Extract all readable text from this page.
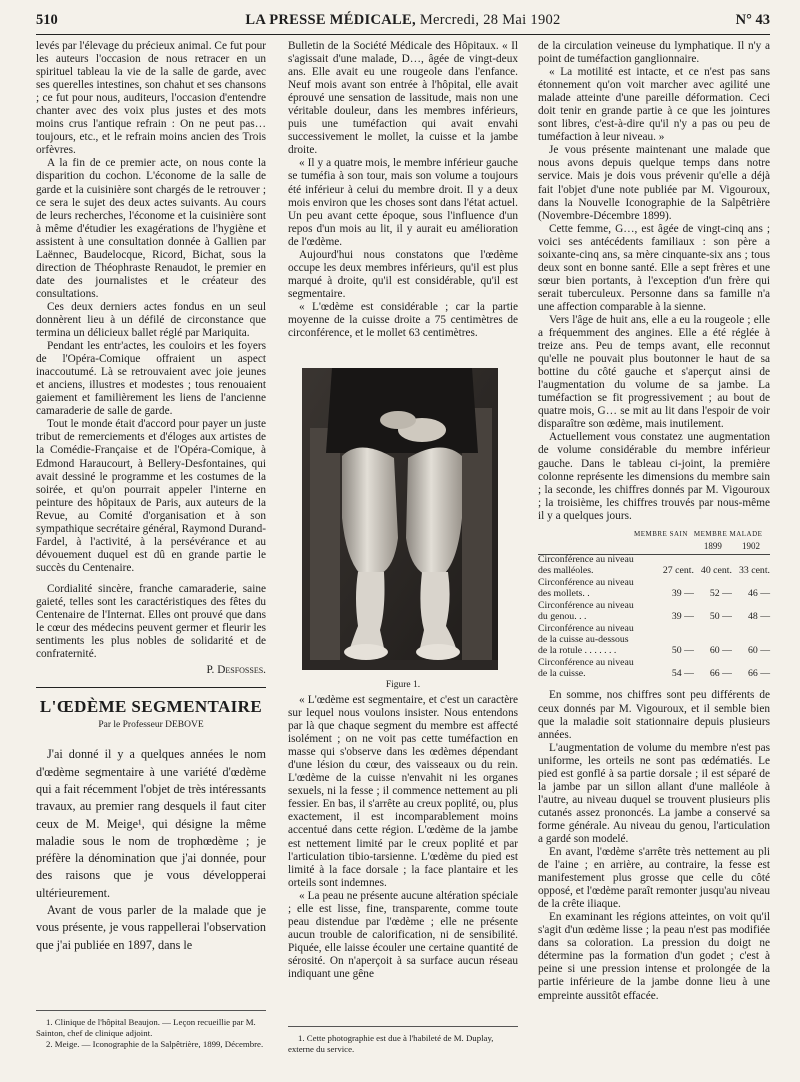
510	LA PRESSE MÉDICALE, Mercredi, 28 Mai 1902	N° 43

levés par l'élevage du précieux animal. Ce fut pour les auteurs l'occasion de nous retracer en un spirituel tableau la vie de la salle de garde, avec ses querelles intestines, son chahut et ses chansons ; ce fut pour nous, auditeurs, l'occasion d'entendre chanter avec des voix plus justes et des mots moins crus l'antique refrain : On ne peut pas… toujours, etc., et le refrain moins ancien des Trois orfèvres.

A la fin de ce premier acte, on nous conte la disparition du cochon. L'économe de la salle de garde et la cuisinière sont chargés de le retrouver ; ce sera le sujet des deux actes suivants. Au cours de leurs recherches, l'économe et la cuisinière sont à même d'étudier les exagérations de l'hygiène et assistent à une consultation donnée à Gallien par Laënnec, Baudelocque, Ricord, Bichat, sous la direction de Théophraste Renaudot, le premier en date des journalistes et le créateur des consultations.

Ces deux derniers actes fondus en un seul donnèrent lieu à un défilé de circonstance que termina un délicieux ballet réglé par Mariquita.

Pendant les entr'actes, les couloirs et les foyers de l'Opéra-Comique offraient un aspect inaccoutumé. Là se retrouvaient avec joie jeunes et anciens, illustres et modestes ; tous renouaient gaiement et familièrement les liens de l'ancienne camaraderie de salle de garde.

Tout le monde était d'accord pour payer un juste tribut de remerciements et d'éloges aux artistes de la Comédie-Française et de l'Opéra-Comique, à Edmond Haraucourt, à Bellery-Desfontaines, qui avait dessiné le programme et les costumes de la soirée, et qu'on pourrait appeler l'interne en peinture des hôpitaux de Paris, aux auteurs de la Revue, au Comité d'organisation et à son sympathique secrétaire général, Raymond Durand-Fardel, à l'activité, à la persévérance et au dévouement duquel est dû en grande partie le succès du Centenaire.

Cordialité sincère, franche camaraderie, saine gaieté, telles sont les caractéristiques des fêtes du Centenaire de l'Internat. Elles ont prouvé que dans le cœur des médecins peuvent germer et fleurir les sentiments les plus nobles de solidarité et de confraternité.

P. Desfosses.

L'ŒDÈME SEGMENTAIRE

Par le Professeur DEBOVE

J'ai donné il y a quelques années le nom d'œdème segmentaire à une variété d'œdème qui a fait récemment l'objet de très intéressants travaux, au premier rang desquels il faut citer ceux de M. Meige¹, qui désigne la même maladie sous le nom de trophœdème ; je préfère la dénomination que j'ai donnée, pour des raisons que je vous développerai ultérieurement.

Avant de vous parler de la malade que je vous présente, je vous rappellerai l'observation que j'ai publiée en 1897, dans le

1. Clinique de l'hôpital Beaujon. — Leçon recueillie par M. Sainton, chef de clinique adjoint.

2. Meige. — Iconographie de la Salpêtrière, 1899, Décembre.

Bulletin de la Société Médicale des Hôpitaux. « Il s'agissait d'une malade, D…, âgée de vingt-deux ans. Elle avait eu une rougeole dans l'enfance. Neuf mois avant son entrée à l'hôpital, elle avait éprouvé une sensation de lassitude, mais non une véritable douleur, dans les membres inférieurs, puis une tuméfaction qui avait envahi successivement le mollet, la cuisse et la jambe droite.

« Il y a quatre mois, le membre inférieur gauche se tuméfia à son tour, mais son volume a toujours été inférieur à celui du membre droit. Il y a deux mois environ que les choses sont dans l'état actuel. Un peu avant cette époque, sous l'influence d'un repos d'un mois au lit, il y aurait eu amélioration de l'œdème.

Aujourd'hui nous constatons que l'œdème occupe les deux membres inférieurs, qu'il est plus marqué à droite, qu'il est considérable, qu'il est segmentaire.

« L'œdème est considérable ; car la partie moyenne de la cuisse droite a 75 centimètres de circonférence, et le mollet 63 centimètres.

Figure 1.

« L'œdème est segmentaire, et c'est un caractère sur lequel nous voulons insister. Nous entendons par là que chaque segment du membre est affecté isolément ; on ne voit pas cette tuméfaction en masse qui s'observe dans les œdèmes dépendant d'une lésion du cœur, des vaisseaux ou du rein. L'œdème de la cuisse n'envahit ni les organes sexuels, ni la fesse ; il commence nettement au pli fessier. En bas, il s'arrête au creux poplité, ou, plus exactement, il est incomparablement moins accentué dans cette région. L'œdème de la jambe est nettement limité par le creux poplité et par l'articulation tibio-tarsienne. L'œdème du pied est limité à la face dorsale ; la face plantaire et les orteils sont indemnes.

« La peau ne présente aucune altération spéciale ; elle est lisse, fine, transparente, comme toute peau distendue par l'œdème ; elle ne présente aucun trouble de calorification, ni de sensibilité. Piquée, elle laisse écouler une certaine quantité de sérosité. On n'aperçoit à sa surface aucun réseau indiquant une gêne

1. Cette photographie est due à l'habileté de M. Duplay, externe du service.

de la circulation veineuse du lymphatique. Il n'y a point de tuméfaction ganglionnaire.

« La motilité est intacte, et ce n'est pas sans étonnement qu'on voit marcher avec agilité une malade atteinte d'une pareille déformation. Ceci doit tenir en grande partie à ce que les jointures sont libres, c'est-à-dire qu'il n'y a pas ou peu de tuméfaction à leur niveau. »

Je vous présente maintenant une malade que nous avons depuis quelque temps dans notre service. Mais je dois vous prévenir qu'elle a déjà fait l'objet d'une note publiée par M. Vigouroux, dans la Nouvelle Iconographie de la Salpêtrière (Novembre-Décembre 1899).

Cette femme, G…, est âgée de vingt-cinq ans ; voici ses antécédents familiaux : son père a soixante-cinq ans, sa mère cinquante-six ans ; tous deux sont en bonne santé. Elle a sept frères et une sœur bien portants, à l'exception d'un frère qui serait tuberculeux. Personne dans sa famille n'a une affection comparable à la sienne.

Vers l'âge de huit ans, elle a eu la rougeole ; elle a fréquemment des angines. Elle a été réglée à treize ans. Peu de temps avant, elle reconnut qu'elle ne pouvait plus boutonner le haut de sa bottine du côté gauche et s'aperçut ainsi de l'augmentation du volume de sa jambe. La tuméfaction se fit progressivement ; au bout de quatre mois, G… se mit au lit dans l'espoir de voir disparaître son œdème, mais inutilement.

Actuellement vous constatez une augmentation de volume considérable du membre inférieur gauche. Dans le tableau ci-joint, la première colonne représente les dimensions du membre sain ; la seconde, les chiffres donnés par M. Vigouroux ; la troisième, les chiffres trouvés par nous-même il y a quelques jours.

	MEMBRE SAIN	MEMBRE MALADE	
		1899	1902
Circonférence au niveau des malléoles.	27 cent.	40 cent.	33 cent.
Circonférence au niveau des mollets. .	39 —	52 —	46 —
Circonférence au niveau du genou. . .	39 —	50 —	48 —
Circonférence au niveau de la cuisse au-dessous de la rotule . . . . . . .	50 —	60 —	60 —
Circonférence au niveau de la cuisse.	54 —	66 —	66 —

En somme, nos chiffres sont peu différents de ceux donnés par M. Vigouroux, et il semble bien que la maladie soit stationnaire depuis plusieurs années.

L'augmentation de volume du membre n'est pas uniforme, les orteils ne sont pas œdématiés. Le pied est gonflé à sa partie dorsale ; il est séparé de la jambe par un sillon allant d'une malléole à l'autre, au niveau duquel se trouvent plusieurs plis cutanés assez prononcés. La jambe a conservé sa forme générale. Au niveau du genou, l'articulation a gardé son modelé.

En avant, l'œdème s'arrête très nettement au pli de l'aine ; en arrière, au contraire, la fesse est manifestement plus grosse que celle du côté opposé, et l'œdème paraît remonter jusqu'au niveau de la crête iliaque.

En examinant les régions atteintes, on voit qu'il s'agit d'un œdème lisse ; la peau n'est pas modifiée dans sa coloration. La pression du doigt ne détermine pas la formation d'un godet ; c'est à peine si une pression intense et prolongée de la partie inférieure de la jambe donne lieu à une empreinte aussitôt effacée.
